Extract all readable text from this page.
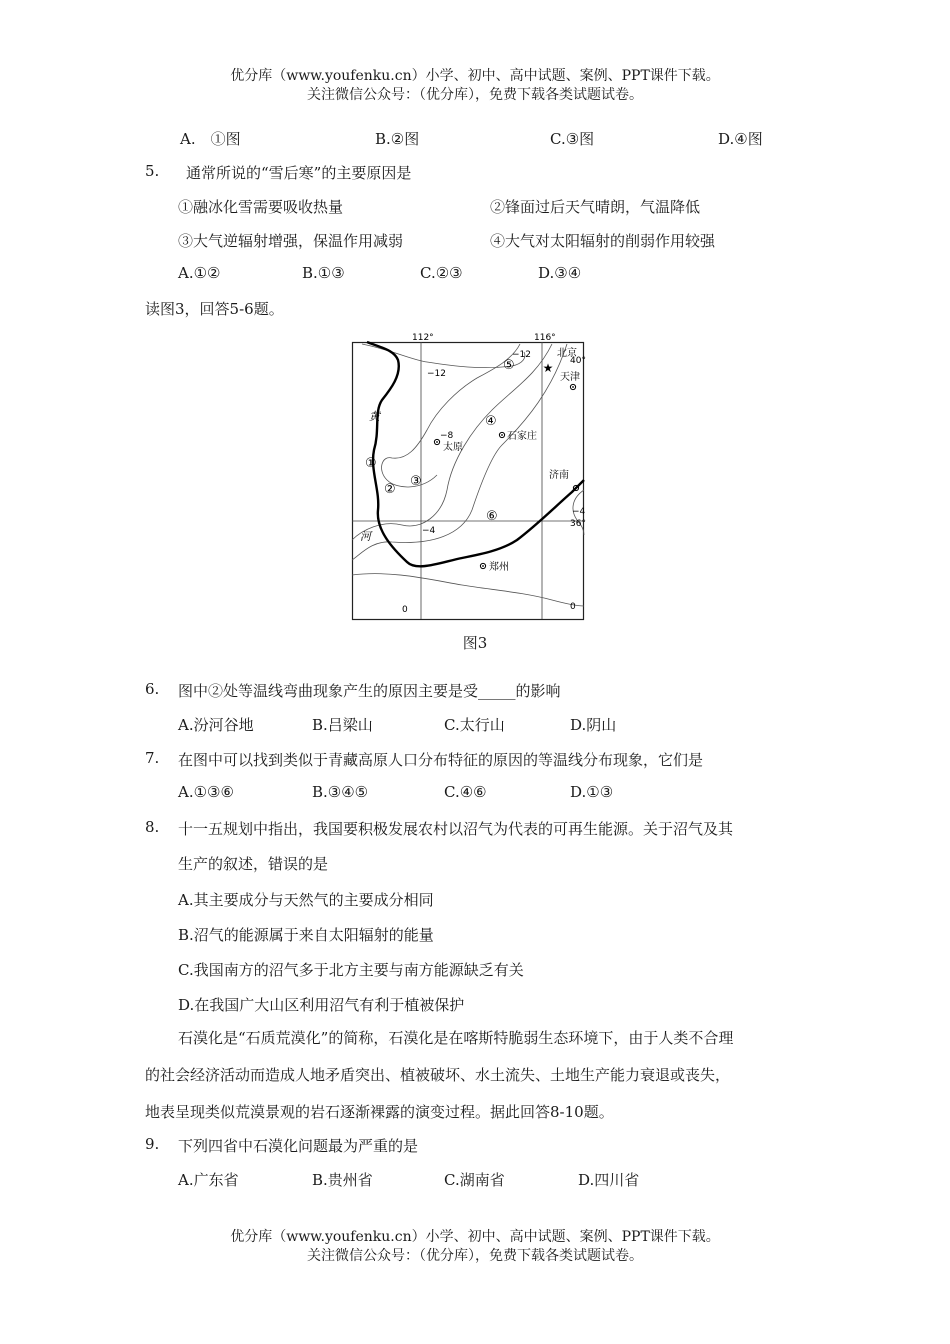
优分库（www.youfenku.cn）小学、初中、高中试题、案例、PPT课件下载。
关注微信公众号：（优分库），免费下载各类试题试卷。
A.　①图	B.②图	C.③图	D.④图
5. 通常所说的“雪后寒”的主要原因是
①融冰化雪需要吸收热量	②锋面过后天气晴朗，气温降低
③大气逆辐射增强，保温作用减弱	④大气对太阳辐射的削弱作用较强
A.①②	B.①③	C.②③	D.③④
读图3，回答5-6题。
★
112°	116°
40°
36°
北京
天津
石家庄
太原
济南
郑州
黄
河
−12
−12
−8
−4
−4
0	0
①
②
③
④
⑤
⑥
图3
6. 图中②处等温线弯曲现象产生的原因主要是受_____的影响
A.汾河谷地	B.吕梁山	C.太行山	D.阴山
7. 在图中可以找到类似于青藏高原人口分布特征的原因的等温线分布现象，它们是
A.①③⑥	B.③④⑤	C.④⑥	D.①③
8. 十一五规划中指出，我国要积极发展农村以沼气为代表的可再生能源。关于沼气及其
生产的叙述，错误的是
A.其主要成分与天然气的主要成分相同
B.沼气的能源属于来自太阳辐射的能量
C.我国南方的沼气多于北方主要与南方能源缺乏有关
D.在我国广大山区利用沼气有利于植被保护
石漠化是“石质荒漠化”的简称，石漠化是在喀斯特脆弱生态环境下，由于人类不合理
的社会经济活动而造成人地矛盾突出、植被破坏、水土流失、土地生产能力衰退或丧失，
地表呈现类似荒漠景观的岩石逐渐裸露的演变过程。据此回答8-10题。
9. 下列四省中石漠化问题最为严重的是
A.广东省	B.贵州省	C.湖南省	D.四川省
优分库（www.youfenku.cn）小学、初中、高中试题、案例、PPT课件下载。
关注微信公众号：（优分库），免费下载各类试题试卷。
